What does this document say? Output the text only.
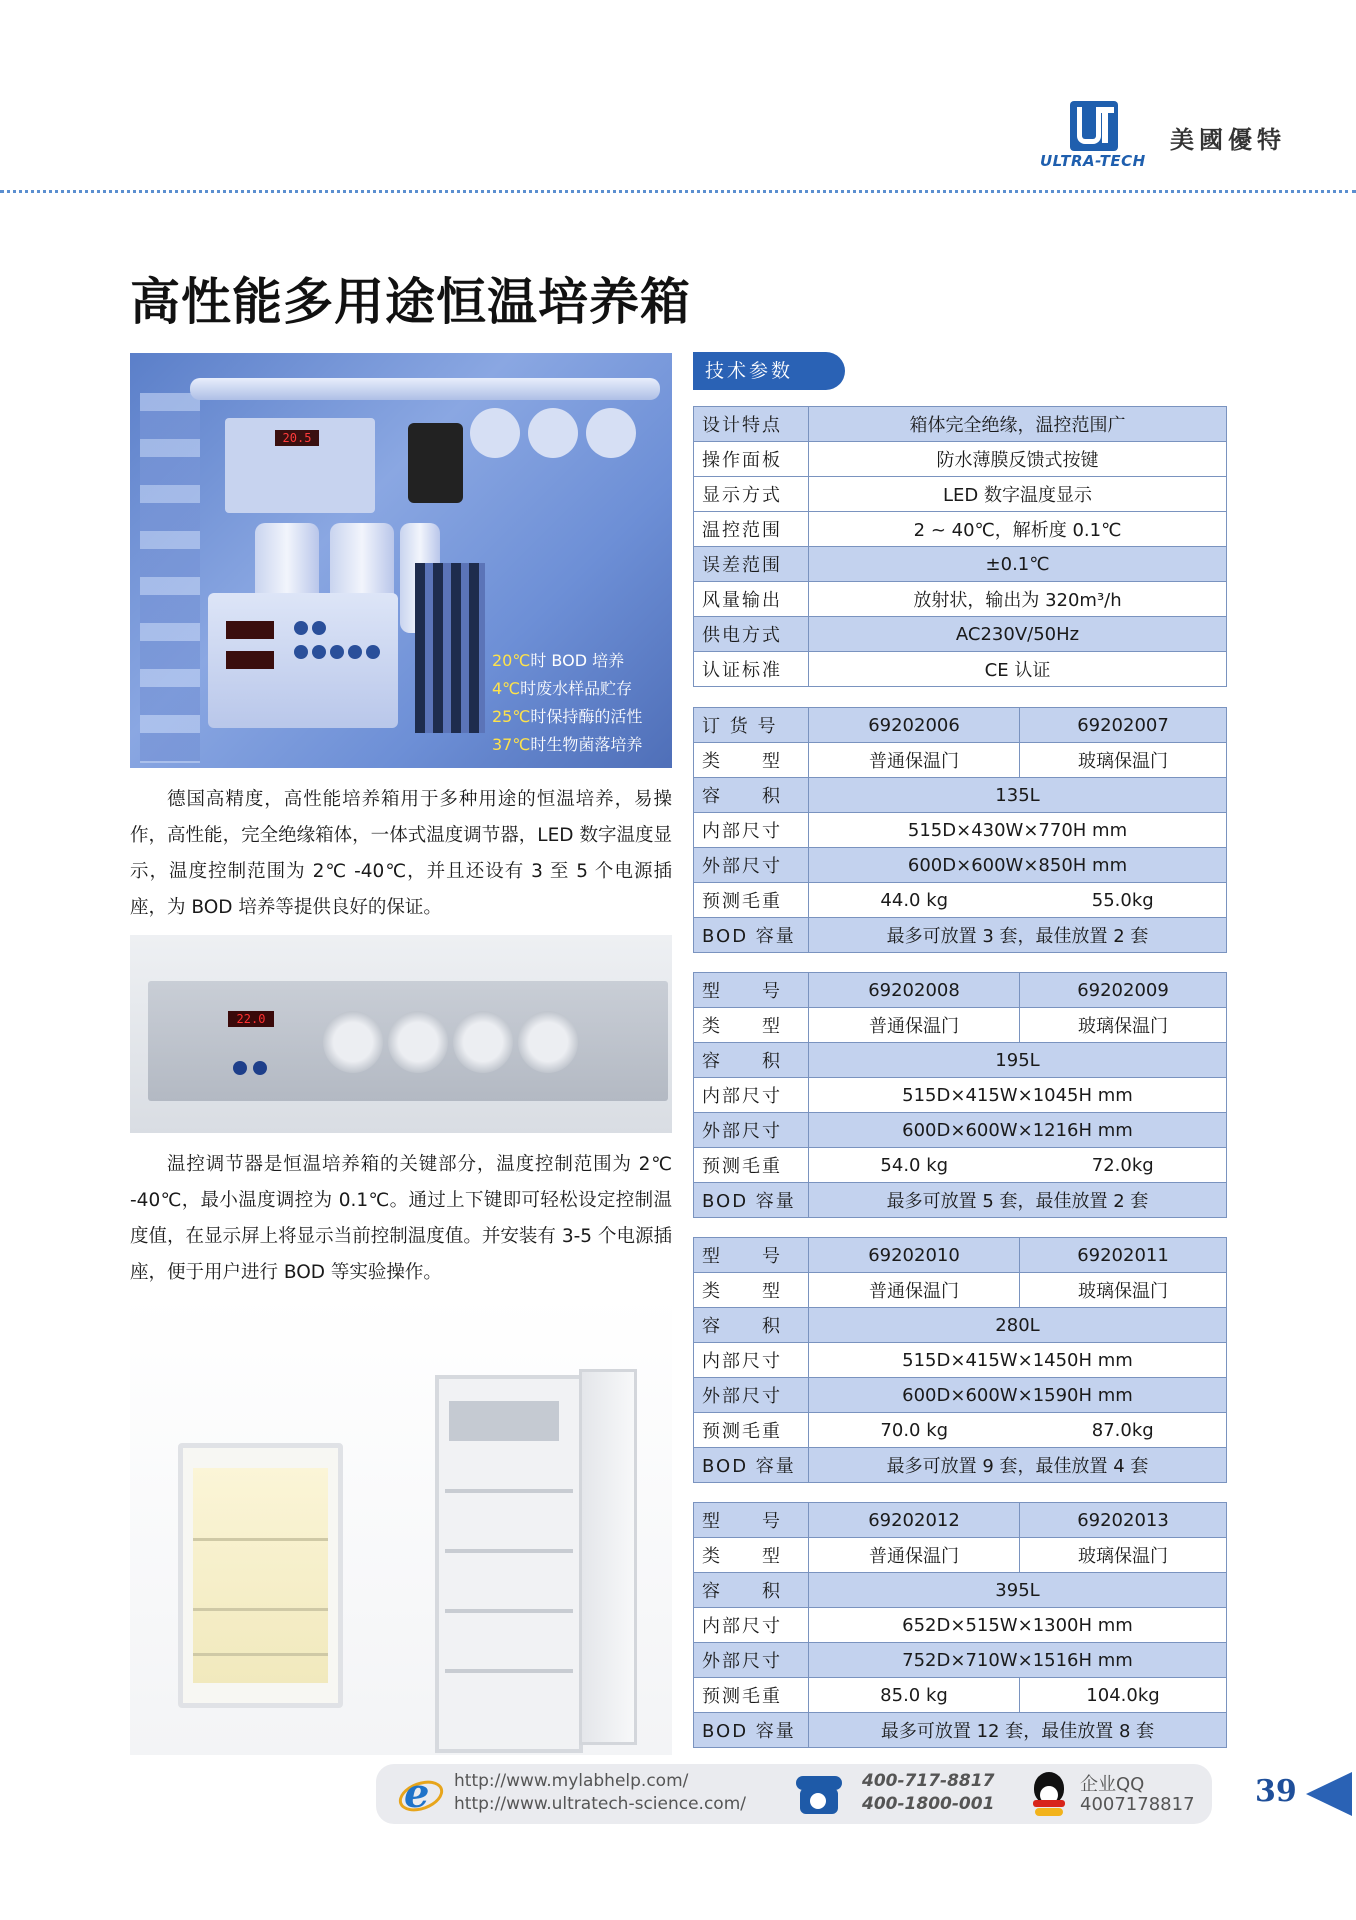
ULTRA-TECH
美國優特
高性能多用途恒温培养箱
20.5
20℃时 BOD 培养
4℃时废水样品贮存
25℃时保持酶的活性
37℃时生物菌落培养

德国高精度，高性能培养箱用于多种用途的恒温培养，易操作，高性能，完全绝缘箱体，一体式温度调节器，LED 数字温度显示，温度控制范围为 2℃ -40℃，并且还设有 3 至 5 个电源插座，为 BOD 培养等提供良好的保证。

22.0

温控调节器是恒温培养箱的关键部分，温度控制范围为 2℃ -40℃，最小温度调控为 0.1℃。通过上下键即可轻松设定控制温度值，在显示屏上将显示当前控制温度值。并安装有 3-5 个电源插座，便于用户进行 BOD 等实验操作。

技术参数
设计特点	箱体完全绝缘，温控范围广
操作面板	防水薄膜反馈式按键
显示方式	LED 数字温度显示
温控范围	2 ~ 40℃，解析度 0.1℃
误差范围	±0.1℃
风量输出	放射状，输出为 320m³/h
供电方式	AC230V/50Hz
认证标准	CE 认证
订 货 号	69202006	69202007
类　　型	普通保温门	玻璃保温门
容　　积	135L	
内部尺寸	515D×430W×770H mm	
外部尺寸	600D×600W×850H mm	
预测毛重	44.0 kg	55.0kg
BOD 容量	最多可放置 3 套，最佳放置 2 套	
型　　号	69202008	69202009
类　　型	普通保温门	玻璃保温门
容　　积	195L	
内部尺寸	515D×415W×1045H mm	
外部尺寸	600D×600W×1216H mm	
预测毛重	54.0 kg	72.0kg
BOD 容量	最多可放置 5 套，最佳放置 2 套	
型　　号	69202010	69202011
类　　型	普通保温门	玻璃保温门
容　　积	280L	
内部尺寸	515D×415W×1450H mm	
外部尺寸	600D×600W×1590H mm	
预测毛重	70.0 kg	87.0kg
BOD 容量	最多可放置 9 套，最佳放置 4 套	
型　　号	69202012	69202013
类　　型	普通保温门	玻璃保温门
容　　积	395L	
内部尺寸	652D×515W×1300H mm	
外部尺寸	752D×710W×1516H mm	
预测毛重	85.0 kg	104.0kg
BOD 容量	最多可放置 12 套，最佳放置 8 套	
e http://www.mylabhelp.com/
http://www.ultratech-science.com/
400-717-8817
400-1800-001
企业QQ
4007178817 39
